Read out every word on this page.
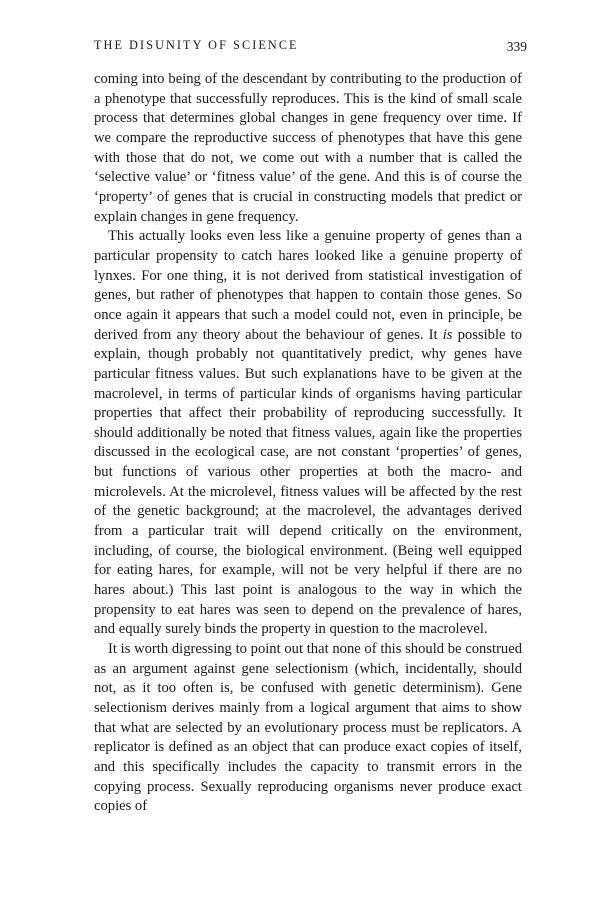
THE DISUNITY OF SCIENCE	339

coming into being of the descendant by contributing to the production of a phenotype that successfully reproduces. This is the kind of small scale process that determines global changes in gene frequency over time. If we compare the reproductive success of phenotypes that have this gene with those that do not, we come out with a number that is called the ‘selective value’ or ‘fitness value’ of the gene. And this is of course the ‘property’ of genes that is crucial in constructing models that predict or explain changes in gene frequency.

This actually looks even less like a genuine property of genes than a particular propensity to catch hares looked like a genuine property of lynxes. For one thing, it is not derived from statistical investigation of genes, but rather of phenotypes that happen to contain those genes. So once again it appears that such a model could not, even in principle, be derived from any theory about the behaviour of genes. It is possible to explain, though probably not quantitatively predict, why genes have particular fitness values. But such explanations have to be given at the macrolevel, in terms of particular kinds of organisms having particular properties that affect their probability of reproducing successfully. It should additionally be noted that fitness values, again like the properties discussed in the ecological case, are not constant ‘properties’ of genes, but functions of various other properties at both the macro- and microlevels. At the microlevel, fitness values will be affected by the rest of the genetic background; at the macrolevel, the advantages derived from a particular trait will depend critically on the environment, including, of course, the biological environment. (Being well equipped for eating hares, for example, will not be very helpful if there are no hares about.) This last point is analogous to the way in which the propensity to eat hares was seen to depend on the prevalence of hares, and equally surely binds the property in question to the macrolevel.

It is worth digressing to point out that none of this should be construed as an argument against gene selectionism (which, incidentally, should not, as it too often is, be confused with genetic determinism). Gene selectionism derives mainly from a logical argument that aims to show that what are selected by an evolutionary process must be replicators. A replicator is defined as an object that can produce exact copies of itself, and this specifically includes the capacity to transmit errors in the copying process. Sexually reproducing organisms never produce exact copies of
